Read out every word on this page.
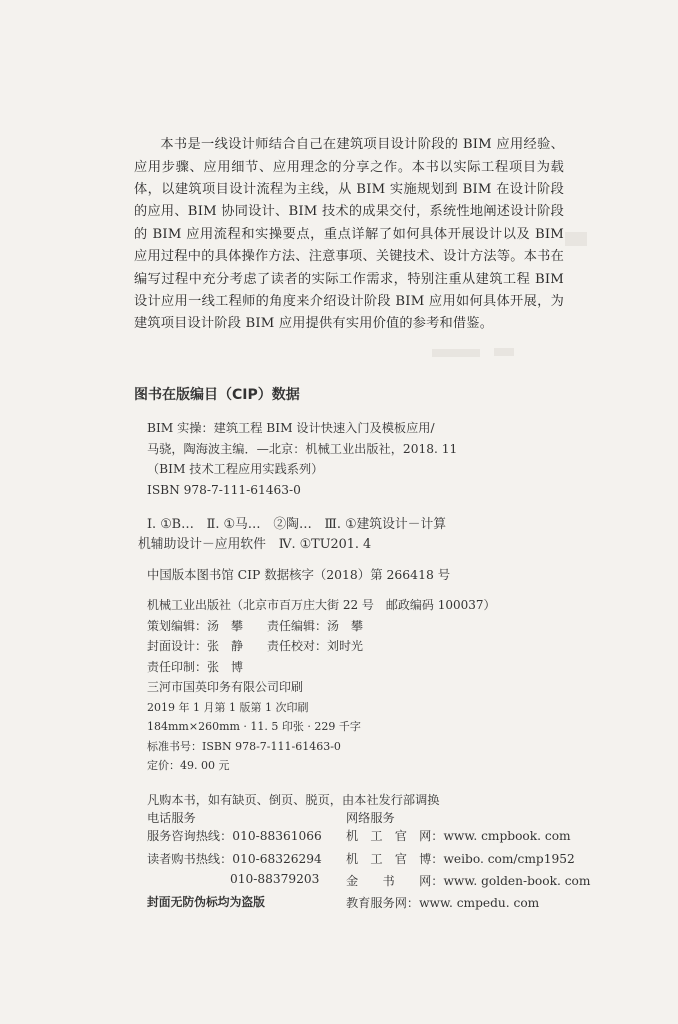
本书是一线设计师结合自己在建筑项目设计阶段的 BIM 应用经验、应用步骤、应用细节、应用理念的分享之作。本书以实际工程项目为载体，以建筑项目设计流程为主线，从 BIM 实施规划到 BIM 在设计阶段的应用、BIM 协同设计、BIM 技术的成果交付，系统性地阐述设计阶段的 BIM 应用流程和实操要点，重点详解了如何具体开展设计以及 BIM 应用过程中的具体操作方法、注意事项、关键技术、设计方法等。本书在编写过程中充分考虑了读者的实际工作需求，特别注重从建筑工程 BIM 设计应用一线工程师的角度来介绍设计阶段 BIM 应用如何具体开展，为建筑项目设计阶段 BIM 应用提供有实用价值的参考和借鉴。

图书在版编目（CIP）数据
BIM 实操：建筑工程 BIM 设计快速入门及模板应用/
马骁，陶海波主编．—北京：机械工业出版社，2018. 11
（BIM 技术工程应用实践系列）
ISBN 978-7-111-61463-0
Ⅰ. ①B…　Ⅱ. ①马…　②陶…　Ⅲ. ①建筑设计－计算
机辅助设计－应用软件　Ⅳ. ①TU201. 4
中国版本图书馆 CIP 数据核字（2018）第 266418 号
机械工业出版社（北京市百万庄大街 22 号　邮政编码 100037）
策划编辑：汤　攀　　责任编辑：汤　攀
封面设计：张　静　　责任校对：刘时光
责任印制：张　博
三河市国英印务有限公司印刷
2019 年 1 月第 1 版第 1 次印刷
184mm×260mm · 11. 5 印张 · 229 千字
标准书号：ISBN 978-7-111-61463-0
定价：49. 00 元
凡购本书，如有缺页、倒页、脱页，由本社发行部调换
电话服务	网络服务
服务咨询热线：010-88361066 机　工　官　网：www. cmpbook. com
读者购书热线：010-68326294 机　工　官　博：weibo. com/cmp1952
010-88379203 金　　书　　网：www. golden-book. com
封面无防伪标均为盗版	教育服务网：www. cmpedu. com
